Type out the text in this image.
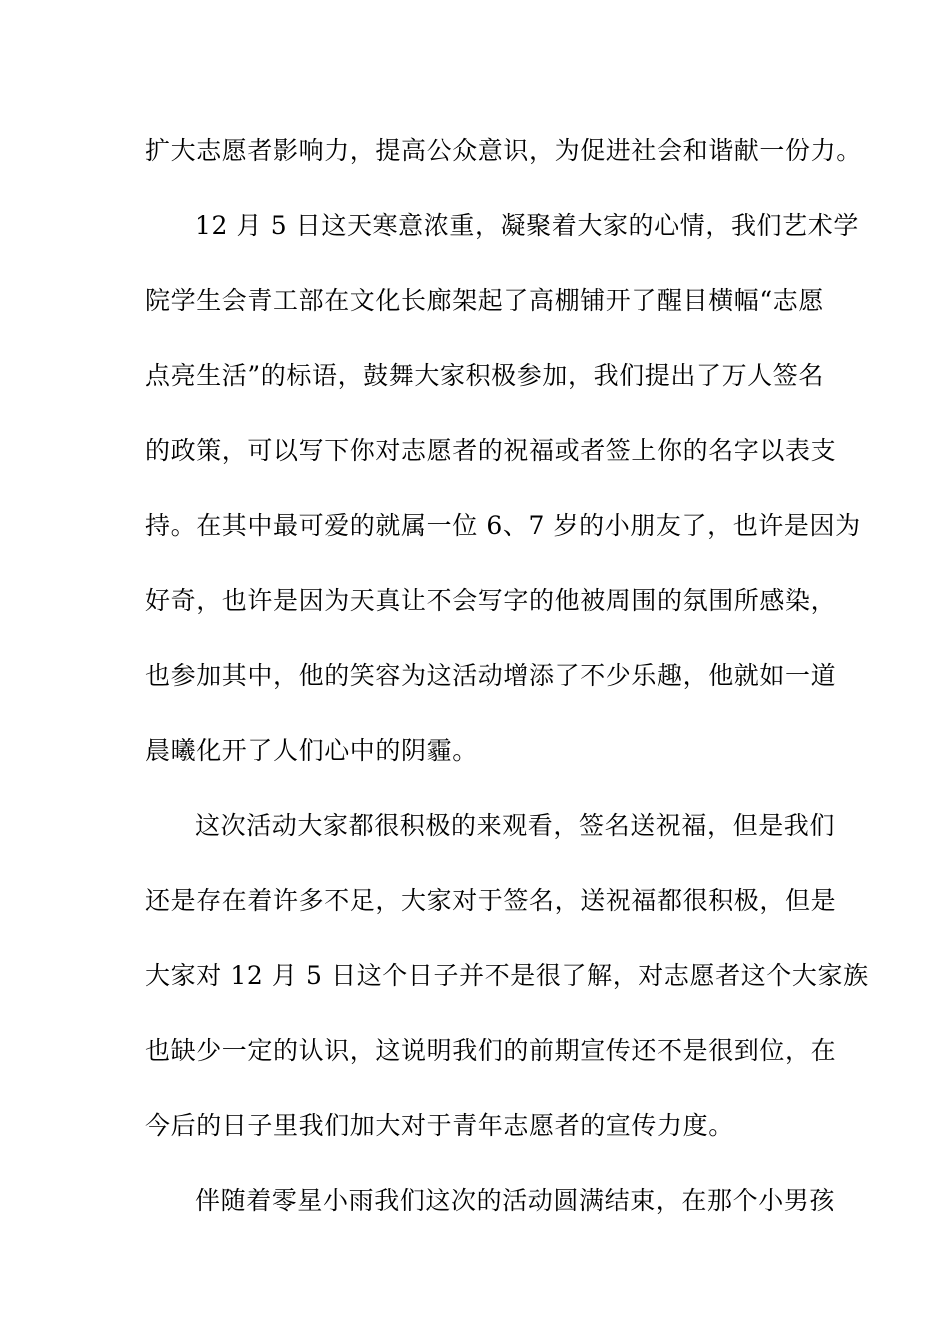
扩大志愿者影响力，提高公众意识，为促进社会和谐献一份力。
12 月 5 日这天寒意浓重，凝聚着大家的心情，我们艺术学
院学生会青工部在文化长廊架起了高棚铺开了醒目横幅“志愿
点亮生活”的标语，鼓舞大家积极参加，我们提出了万人签名
的政策，可以写下你对志愿者的祝福或者签上你的名字以表支
持。在其中最可爱的就属一位 6、7 岁的小朋友了，也许是因为
好奇，也许是因为天真让不会写字的他被周围的氛围所感染，
也参加其中，他的笑容为这活动增添了不少乐趣，他就如一道
晨曦化开了人们心中的阴霾。
这次活动大家都很积极的来观看，签名送祝福，但是我们
还是存在着许多不足，大家对于签名，送祝福都很积极，但是
大家对 12 月 5 日这个日子并不是很了解，对志愿者这个大家族
也缺少一定的认识，这说明我们的前期宣传还不是很到位，在
今后的日子里我们加大对于青年志愿者的宣传力度。
伴随着零星小雨我们这次的活动圆满结束，在那个小男孩
